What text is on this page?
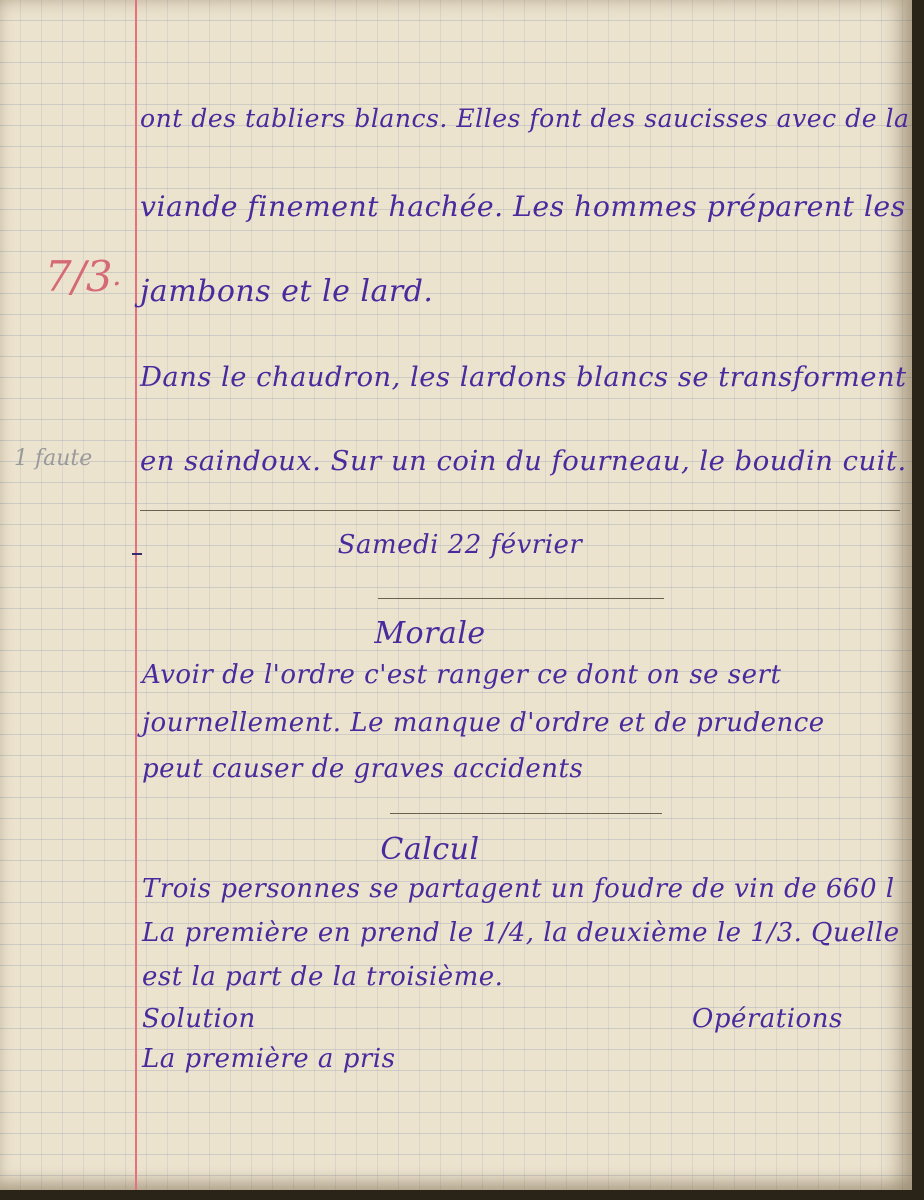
7/3 .
1 faute
ont des tabliers blancs. Elles font des saucisses avec de la
viande finement hachée. Les hommes préparent les
jambons et le lard.
Dans le chaudron, les lardons blancs se transforment
en saindoux. Sur un coin du fourneau, le boudin cuit.
Samedi 22 février
Morale
Avoir de l'ordre c'est ranger ce dont on se sert
journellement. Le manque d'ordre et de prudence
peut causer de graves accidents
Calcul
Trois personnes se partagent un foudre de vin de 660 l
La première en prend le 1/4, la deuxième le 1/3. Quelle
est la part de la troisième.
Solution	Opérations
La première a pris
